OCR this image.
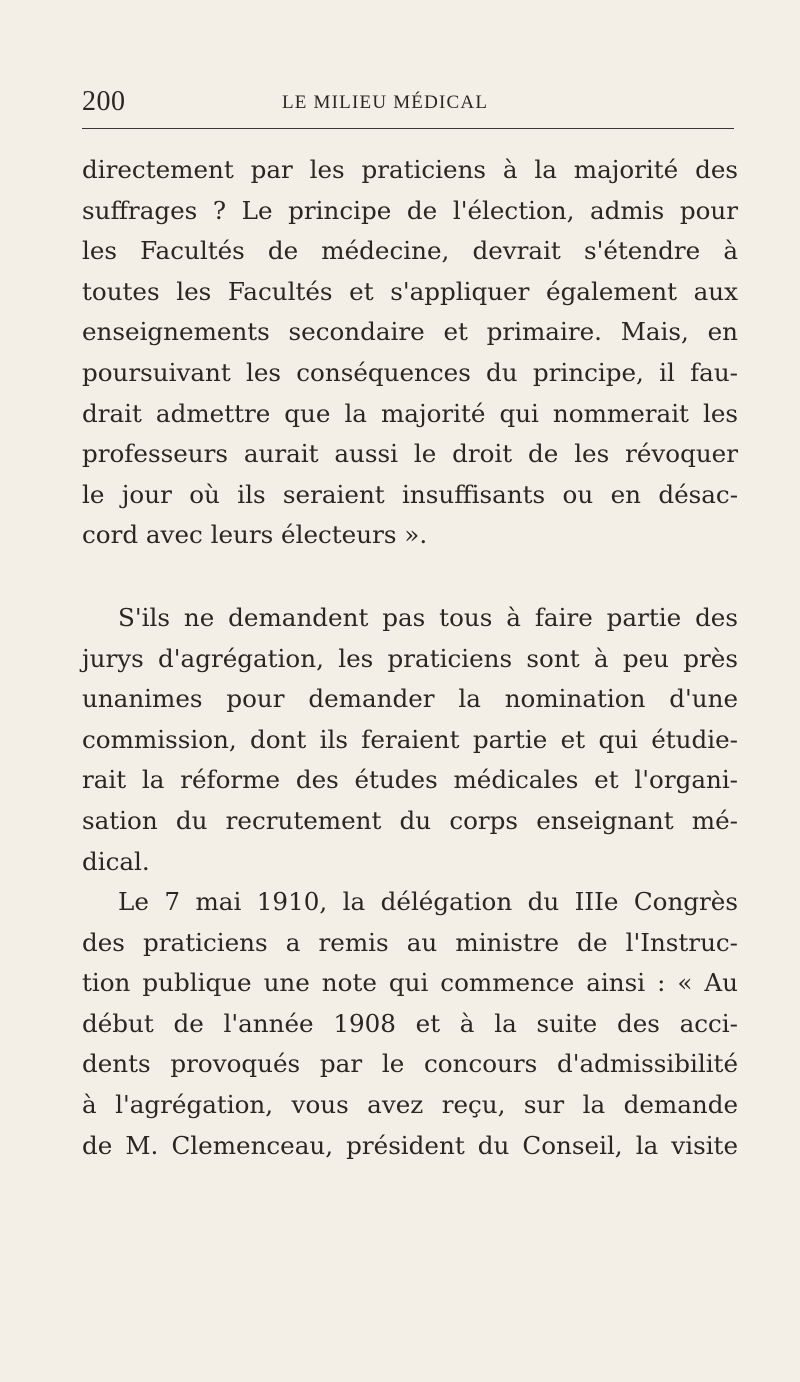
200	LE MILIEU MÉDICAL
directement par les praticiens à la majorité des
suffrages ? Le principe de l'élection, admis pour
les Facultés de médecine, devrait s'étendre à
toutes les Facultés et s'appliquer également aux
enseignements secondaire et primaire. Mais, en
poursuivant les conséquences du principe, il fau-
drait admettre que la majorité qui nommerait les
professeurs aurait aussi le droit de les révoquer
le jour où ils seraient insuffisants ou en désac-
cord avec leurs électeurs ».
S'ils ne demandent pas tous à faire partie des
jurys d'agrégation, les praticiens sont à peu près
unanimes pour demander la nomination d'une
commission, dont ils feraient partie et qui étudie-
rait la réforme des études médicales et l'organi-
sation du recrutement du corps enseignant mé-
dical.
Le 7 mai 1910, la délégation du IIIe Congrès
des praticiens a remis au ministre de l'Instruc-
tion publique une note qui commence ainsi : « Au
début de l'année 1908 et à la suite des acci-
dents provoqués par le concours d'admissibilité
à l'agrégation, vous avez reçu, sur la demande
de M. Clemenceau, président du Conseil, la visite
